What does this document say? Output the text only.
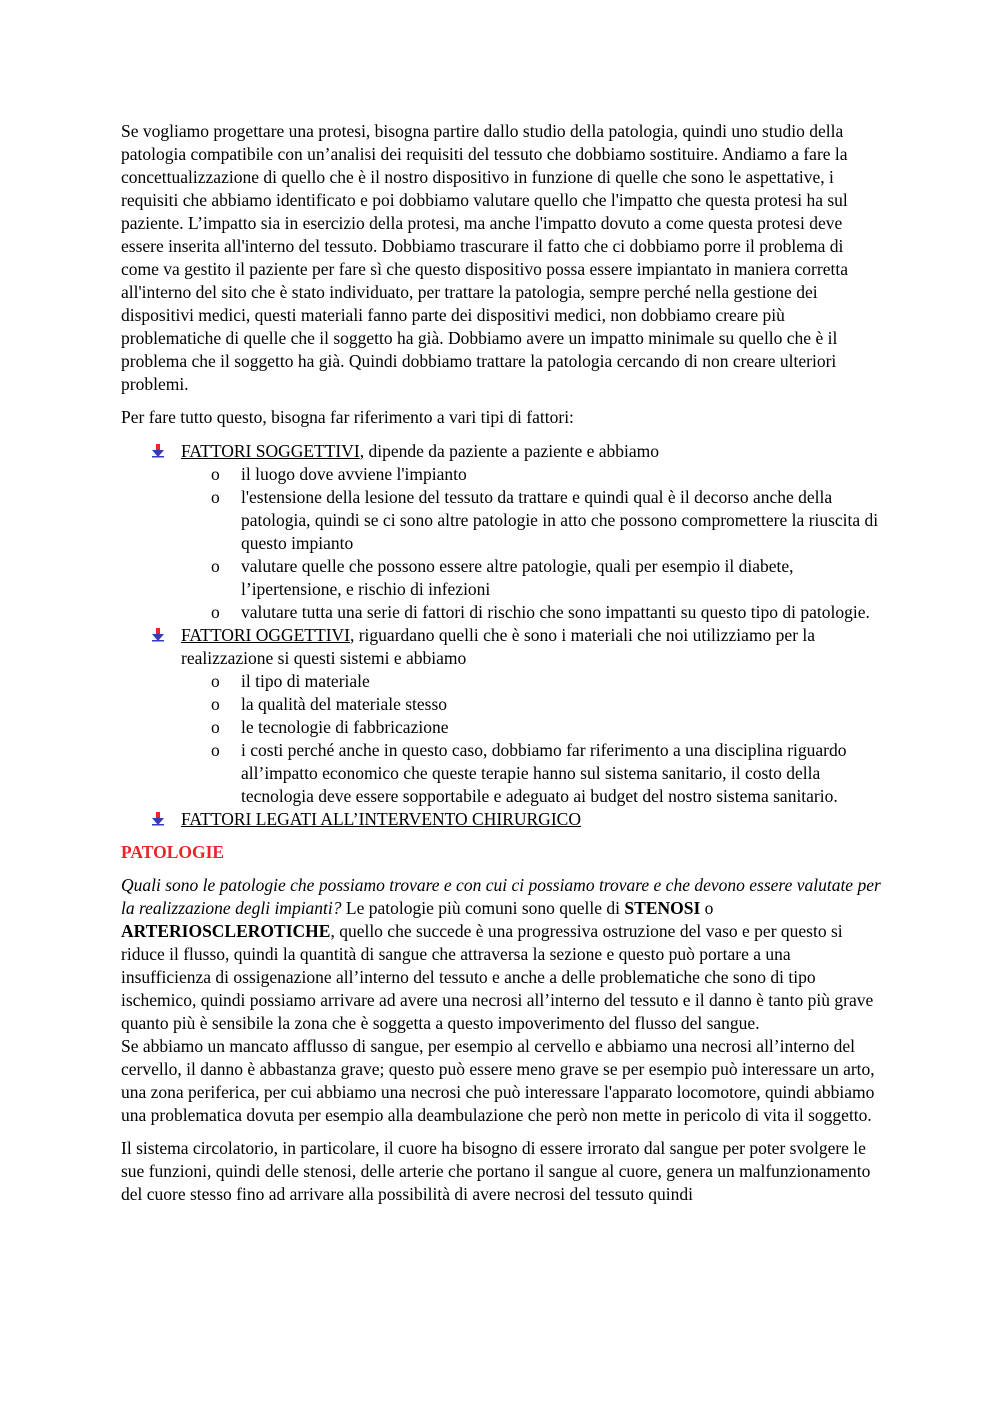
Se vogliamo progettare una protesi, bisogna partire dallo studio della patologia, quindi uno studio della patologia compatibile con un’analisi dei requisiti del tessuto che dobbiamo sostituire. Andiamo a fare la concettualizzazione di quello che è il nostro dispositivo in funzione di quelle che sono le aspettative, i requisiti che abbiamo identificato e poi dobbiamo valutare quello che l'impatto che questa protesi ha sul paziente. L’impatto sia in esercizio della protesi, ma anche l'impatto dovuto a come questa protesi deve essere inserita all'interno del tessuto. Dobbiamo trascurare il fatto che ci dobbiamo porre il problema di come va gestito il paziente per fare sì che questo dispositivo possa essere impiantato in maniera corretta all'interno del sito che è stato individuato, per trattare la patologia, sempre perché nella gestione dei dispositivi medici, questi materiali fanno parte dei dispositivi medici, non dobbiamo creare più problematiche di quelle che il soggetto ha già. Dobbiamo avere un impatto minimale su quello che è il problema che il soggetto ha già. Quindi dobbiamo trattare la patologia cercando di non creare ulteriori problemi.

Per fare tutto questo, bisogna far riferimento a vari tipi di fattori:

FATTORI SOGGETTIVI, dipende da paziente a paziente e abbiamo
o il luogo dove avviene l'impianto
o l'estensione della lesione del tessuto da trattare e quindi qual è il decorso anche della patologia, quindi se ci sono altre patologie in atto che possono compromettere la riuscita di questo impianto
o valutare quelle che possono essere altre patologie, quali per esempio il diabete, l’ipertensione, e rischio di infezioni
o valutare tutta una serie di fattori di rischio che sono impattanti su questo tipo di patologie.
FATTORI OGGETTIVI, riguardano quelli che è sono i materiali che noi utilizziamo per la realizzazione si questi sistemi e abbiamo
o il tipo di materiale
o la qualità del materiale stesso
o le tecnologie di fabbricazione
o i costi perché anche in questo caso, dobbiamo far riferimento a una disciplina riguardo all’impatto economico che queste terapie hanno sul sistema sanitario, il costo della tecnologia deve essere sopportabile e adeguato ai budget del nostro sistema sanitario.
FATTORI LEGATI ALL’INTERVENTO CHIRURGICO

PATOLOGIE

Quali sono le patologie che possiamo trovare e con cui ci possiamo trovare e che devono essere valutate per la realizzazione degli impianti? Le patologie più comuni sono quelle di STENOSI o ARTERIOSCLEROTICHE, quello che succede è una progressiva ostruzione del vaso e per questo si riduce il flusso, quindi la quantità di sangue che attraversa la sezione e questo può portare a una insufficienza di ossigenazione all’interno del tessuto e anche a delle problematiche che sono di tipo ischemico, quindi possiamo arrivare ad avere una necrosi all’interno del tessuto e il danno è tanto più grave quanto più è sensibile la zona che è soggetta a questo impoverimento del flusso del sangue.
Se abbiamo un mancato afflusso di sangue, per esempio al cervello e abbiamo una necrosi all’interno del cervello, il danno è abbastanza grave; questo può essere meno grave se per esempio può interessare un arto, una zona periferica, per cui abbiamo una necrosi che può interessare l'apparato locomotore, quindi abbiamo una problematica dovuta per esempio alla deambulazione che però non mette in pericolo di vita il soggetto.

Il sistema circolatorio, in particolare, il cuore ha bisogno di essere irrorato dal sangue per poter svolgere le sue funzioni, quindi delle stenosi, delle arterie che portano il sangue al cuore, genera un malfunzionamento del cuore stesso fino ad arrivare alla possibilità di avere necrosi del tessuto quindi
